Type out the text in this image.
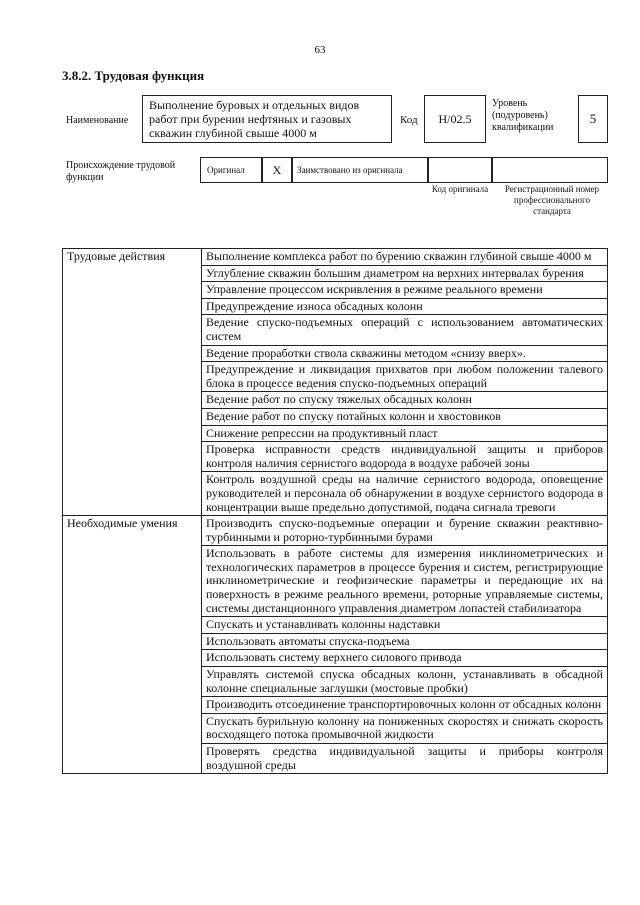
63
3.8.2. Трудовая функция
Наименование
Выполнение буровых и отдельных видов работ при бурении нефтяных и газовых скважин глубиной свыше 4000 м
Код	Н/02.5
Уровень (подуровень) квалификации
5
Происхождение трудовой функции
Оригинал X Заимствовано из оригинала
Код оригинала	Регистрационный номер профессионального стандарта
Трудовые действия	Выполнение комплекса работ по бурению скважин глубиной свыше 4000 м
	Углубление скважин большим диаметром на верхних интервалах бурения
	Управление процессом искривления в режиме реального времени
	Предупреждение износа обсадных колонн
	Ведение спуско-подъемных операций с использованием автоматических систем
	Ведение проработки ствола скважины методом «снизу вверх».
	Предупреждение и ликвидация прихватов при любом положении талевого блока в процессе ведения спуско-подъемных операций
	Ведение работ по спуску тяжелых обсадных колонн
	Ведение работ по спуску потайных колонн и хвостовиков
	Снижение репрессии на продуктивный пласт
	Проверка исправности средств индивидуальной защиты и приборов контроля наличия сернистого водорода в воздухе рабочей зоны
	Контроль воздушной среды на наличие сернистого водорода, оповещение руководителей и персонала об обнаружении в воздухе сернистого водорода в концентрации выше предельно допустимой, подача сигнала тревоги
Необходимые умения	Производить спуско-подъемные операции и бурение скважин реактивно-турбинными и роторно-турбинными бурами
	Использовать в работе системы для измерения инклинометрических и технологических параметров в процессе бурения и систем, регистрирующие инклинометрические и геофизические параметры и передающие их на поверхность в режиме реального времени, роторные управляемые системы, системы дистанционного управления диаметром лопастей стабилизатора
	Спускать и устанавливать колонны надставки
	Использовать автоматы спуска-подъема
	Использовать систему верхнего силового привода
	Управлять системой спуска обсадных колонн, устанавливать в обсадной колонне специальные заглушки (мостовые пробки)
	Производить отсоединение транспортировочных колонн от обсадных колонн
	Спускать бурильную колонну на пониженных скоростях и снижать скорость восходящего потока промывочной жидкости
	Проверять средства индивидуальной защиты и приборы контроля воздушной среды
